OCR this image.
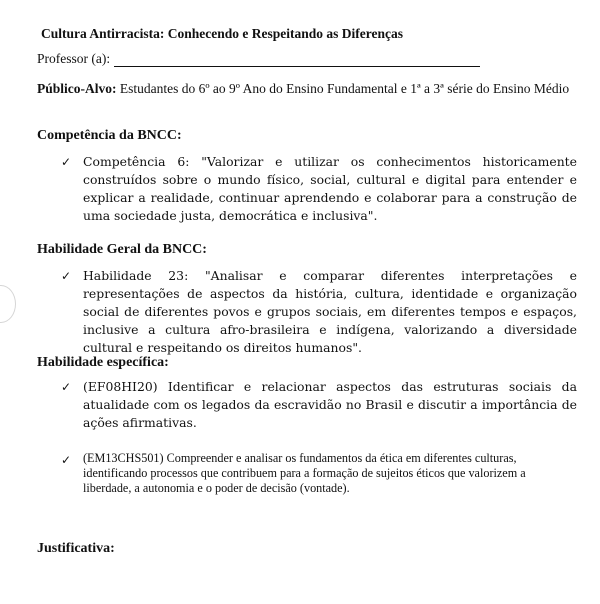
Cultura Antirracista: Conhecendo e Respeitando as Diferenças
Professor (a):
Público-Alvo: Estudantes do 6º ao 9º Ano do Ensino Fundamental e 1ª a 3ª série do Ensino Médio
Competência da BNCC:
✓ Competência 6: "Valorizar e utilizar os conhecimentos historicamente construídos sobre o mundo físico, social, cultural e digital para entender e explicar a realidade, continuar aprendendo e colaborar para a construção de uma sociedade justa, democrática e inclusiva".
Habilidade Geral da BNCC:
✓ Habilidade 23: "Analisar e comparar diferentes interpretações e representações de aspectos da história, cultura, identidade e organização social de diferentes povos e grupos sociais, em diferentes tempos e espaços, inclusive a cultura afro-brasileira e indígena, valorizando a diversidade cultural e respeitando os direitos humanos".
Habilidade específica:
✓ (EF08HI20) Identificar e relacionar aspectos das estruturas sociais da atualidade com os legados da escravidão no Brasil e discutir a importância de ações afirmativas.
✓ (EM13CHS501) Compreender e analisar os fundamentos da ética em diferentes culturas, identificando processos que contribuem para a formação de sujeitos éticos que valorizem a liberdade, a autonomia e o poder de decisão (vontade).
Justificativa:
